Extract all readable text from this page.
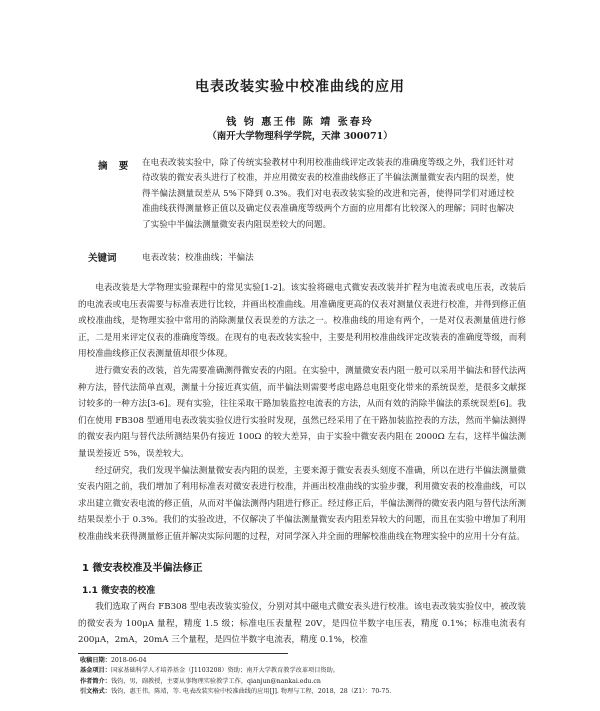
电表改装实验中校准曲线的应用
钱 钧 惠王伟 陈 靖 张春玲
（南开大学物理科学学院，天津 300071）
摘 要	在电表改装实验中，除了传统实验教材中利用校准曲线评定改装表的准确度等级之外，我们还针对待改装的微安表头进行了校准，并应用微安表的校准曲线修正了半偏法测量微安表内阻的误差，使得半偏法测量误差从 5%下降到 0.3%。我们对电表改装实验的改进和完善，使得同学们对通过校准曲线获得测量修正值以及确定仪表准确度等级两个方面的应用都有比较深入的理解；同时也解决了实验中半偏法测量微安表内阻误差较大的问题。
关键词	电表改装；校准曲线；半偏法

电表改装是大学物理实验课程中的常见实验[1-2]。该实验将磁电式微安表改装并扩程为电流表或电压表，改装后的电流表或电压表需要与标准表进行比较，并画出校准曲线。用准确度更高的仪表对测量仪表进行校准，并得到修正值或校准曲线，是物理实验中常用的消除测量仪表误差的方法之一。校准曲线的用途有两个，一是对仪表测量值进行修正，二是用来评定仪表的准确度等级。在现有的电表改装实验中，主要是利用校准曲线评定改装表的准确度等级，而利用校准曲线修正仪表测量值却很少体现。

进行微安表的改装，首先需要准确测得微安表的内阻。在实验中，测量微安表内阻一般可以采用半偏法和替代法两种方法，替代法简单直观，测量十分接近真实值，而半偏法则需要考虑电路总电阻变化带来的系统误差，是很多文献探讨较多的一种方法[3-6]。现有实验，往往采取干路加装监控电流表的方法，从而有效的消除半偏法的系统误差[6]。我们在使用 FB308 型通用电表改装实验仪进行实验时发现，虽然已经采用了在干路加装监控表的方法，然而半偏法测得的微安表内阻与替代法所测结果仍有接近 100Ω 的较大差异，由于实验中微安表内阻在 2000Ω 左右，这样半偏法测量误差接近 5%，误差较大。

经过研究，我们发现半偏法测量微安表内阻的误差，主要来源于微安表表头刻度不准确，所以在进行半偏法测量微安表内阻之前，我们增加了利用标准表对微安表进行校准，并画出校准曲线的实验步骤，利用微安表的校准曲线，可以求出建立微安表电流的修正值，从而对半偏法测得内阻进行修正。经过修正后，半偏法测得的微安表内阻与替代法所测结果误差小于 0.3%。我们的实验改进，不仅解决了半偏法测量微安表内阻差异较大的问题，而且在实验中增加了利用校准曲线来获得测量修正值并解决实际问题的过程，对同学深入并全面的理解校准曲线在物理实验中的应用十分有益。

1 微安表校准及半偏法修正
1.1 微安表的校准

我们选取了两台 FB308 型电表改装实验仪，分别对其中磁电式微安表头进行校准。该电表改装实验仪中，被改装的微安表为 100μA 量程，精度 1.5 级；标准电压表量程 20V，是四位半数字电压表，精度 0.1%；标准电流表有 200μA，2mA，20mA 三个量程，是四位半数字电流表，精度 0.1%，校准

收稿日期：2018-06-04
基金项目：国家基础科学人才培养基金（J1103208）资助；南开大学教育教学改革项目资助。
作者简介：钱钧，男，副教授，主要从事物理实验教学工作，qianjun@nankai.edu.cn
引文格式：钱钧，惠王伟，陈靖，等. 电表改装实验中校准曲线的应用[J]. 物理与工程，2018，28（Z1）：70-75.
